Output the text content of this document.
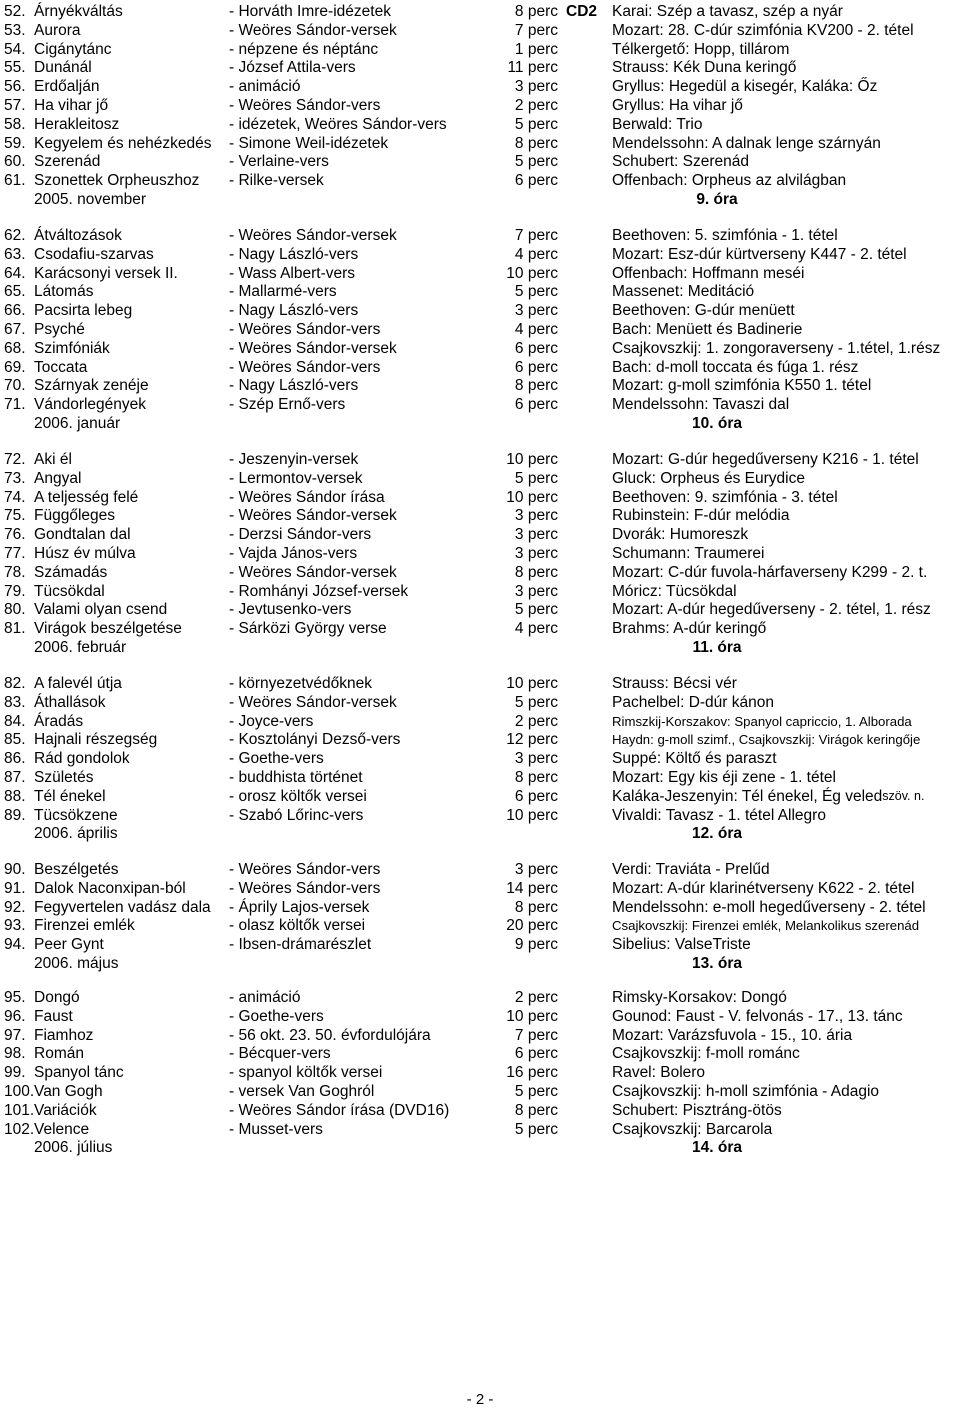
52. Árnyékváltás	- Horváth Imre-idézetek	8 perc CD2 Karai: Szép a tavasz, szép a nyár
53. Aurora	- Weöres Sándor-versek	7 perc	Mozart: 28. C-dúr szimfónia KV200 - 2. tétel
54. Cigánytánc	- népzene és néptánc	1 perc	Télkergető: Hopp, tillárom
55. Dunánál	- József Attila-vers	11 perc	Strauss: Kék Duna keringő
56. Erdőalján	- animáció	3 perc	Gryllus: Hegedül a kisegér, Kaláka: Őz
57. Ha vihar jő	- Weöres Sándor-vers	2 perc	Gryllus: Ha vihar jő
58. Herakleitosz	- idézetek, Weöres Sándor-vers	5 perc	Berwald: Trio
59. Kegyelem és nehézkedés - Simone Weil-idézetek	8 perc	Mendelssohn: A dalnak lenge szárnyán
60. Szerenád	- Verlaine-vers	5 perc	Schubert: Szerenád
61. Szonettek Orpheuszhoz - Rilke-versek	6 perc	Offenbach: Orpheus az alvilágban
2005. november	9. óra
62. Átváltozások	- Weöres Sándor-versek	7 perc	Beethoven: 5. szimfónia - 1. tétel
63. Csodafiu-szarvas	- Nagy László-vers	4 perc	Mozart: Esz-dúr kürtverseny K447 - 2. tétel
64. Karácsonyi versek II.	- Wass Albert-vers	10 perc	Offenbach: Hoffmann meséi
65. Látomás	- Mallarmé-vers	5 perc	Massenet: Meditáció
66. Pacsirta lebeg	- Nagy László-vers	3 perc	Beethoven: G-dúr menüett
67. Psyché	- Weöres Sándor-vers	4 perc	Bach: Menüett és Badinerie
68. Szimfóniák	- Weöres Sándor-versek	6 perc	Csajkovszkij: 1. zongoraverseny - 1.tétel, 1.rész
69. Toccata	- Weöres Sándor-vers	6 perc	Bach: d-moll toccata és fúga 1. rész
70. Szárnyak zenéje	- Nagy László-vers	8 perc	Mozart: g-moll szimfónia K550 1. tétel
71. Vándorlegények	- Szép Ernő-vers	6 perc	Mendelssohn: Tavaszi dal
2006. január	10. óra
72. Aki él	- Jeszenyin-versek	10 perc	Mozart: G-dúr hegedűverseny K216 - 1. tétel
73. Angyal	- Lermontov-versek	5 perc	Gluck: Orpheus és Eurydice
74. A teljesség felé	- Weöres Sándor írása	10 perc	Beethoven: 9. szimfónia - 3. tétel
75. Függőleges	- Weöres Sándor-versek	3 perc	Rubinstein: F-dúr melódia
76. Gondtalan dal	- Derzsi Sándor-vers	3 perc	Dvorák: Humoreszk
77. Húsz év múlva	- Vajda János-vers	3 perc	Schumann: Traumerei
78. Számadás	- Weöres Sándor-versek	8 perc	Mozart: C-dúr fuvola-hárfaverseny K299 - 2. t.
79. Tücsökdal	- Romhányi József-versek	3 perc	Móricz: Tücsökdal
80. Valami olyan csend	- Jevtusenko-vers	5 perc	Mozart: A-dúr hegedűverseny - 2. tétel, 1. rész
81. Virágok beszélgetése	- Sárközi György verse	4 perc	Brahms: A-dúr keringő
2006. február	11. óra
82. A falevél útja	- környezetvédőknek	10 perc	Strauss: Bécsi vér
83. Áthallások	- Weöres Sándor-versek	5 perc	Pachelbel: D-dúr kánon
84. Áradás	- Joyce-vers	2 perc	Rimszkij-Korszakov: Spanyol capriccio, 1. Alborada
85. Hajnali részegség	- Kosztolányi Dezső-vers	12 perc	Haydn: g-moll szimf., Csajkovszkij: Virágok keringője
86. Rád gondolok	- Goethe-vers	3 perc	Suppé: Költő és paraszt
87. Születés	- buddhista történet	8 perc	Mozart: Egy kis éji zene - 1. tétel
88. Tél énekel	- orosz költők versei	6 perc	Kaláka-Jeszenyin: Tél énekel, Ég veled szöv. n.
89. Tücsökzene	- Szabó Lőrinc-vers	10 perc	Vivaldi: Tavasz - 1. tétel Allegro
2006. április	12. óra
90. Beszélgetés	- Weöres Sándor-vers	3 perc	Verdi: Traviáta - Prelűd
91. Dalok Naconxipan-ból	- Weöres Sándor-vers	14 perc	Mozart: A-dúr klarinétverseny K622 - 2. tétel
92. Fegyvertelen vadász dala - Áprily Lajos-versek	8 perc	Mendelssohn: e-moll hegedűverseny - 2. tétel
93. Firenzei emlék	- olasz költők versei	20 perc	Csajkovszkij: Firenzei emlék, Melankolikus szerenád
94. Peer Gynt	- Ibsen-drámarészlet	9 perc	Sibelius: ValseTriste
2006. május	13. óra
95. Dongó	- animáció	2 perc	Rimsky-Korsakov: Dongó
96. Faust	- Goethe-vers	10 perc	Gounod: Faust - V. felvonás - 17., 13. tánc
97. Fiamhoz	- 56 okt. 23. 50. évfordulójára	7 perc	Mozart: Varázsfuvola - 15., 10. ária
98. Román	- Bécquer-vers	6 perc	Csajkovszkij: f-moll románc
99. Spanyol tánc	- spanyol költők versei	16 perc	Ravel: Bolero
100. Van Gogh	- versek Van Goghról	5 perc	Csajkovszkij: h-moll szimfónia - Adagio
101. Variációk	- Weöres Sándor írása (DVD16)	8 perc	Schubert: Pisztráng-ötös
102. Velence	- Musset-vers	5 perc	Csajkovszkij: Barcarola
2006. július	14. óra
- 2 -
